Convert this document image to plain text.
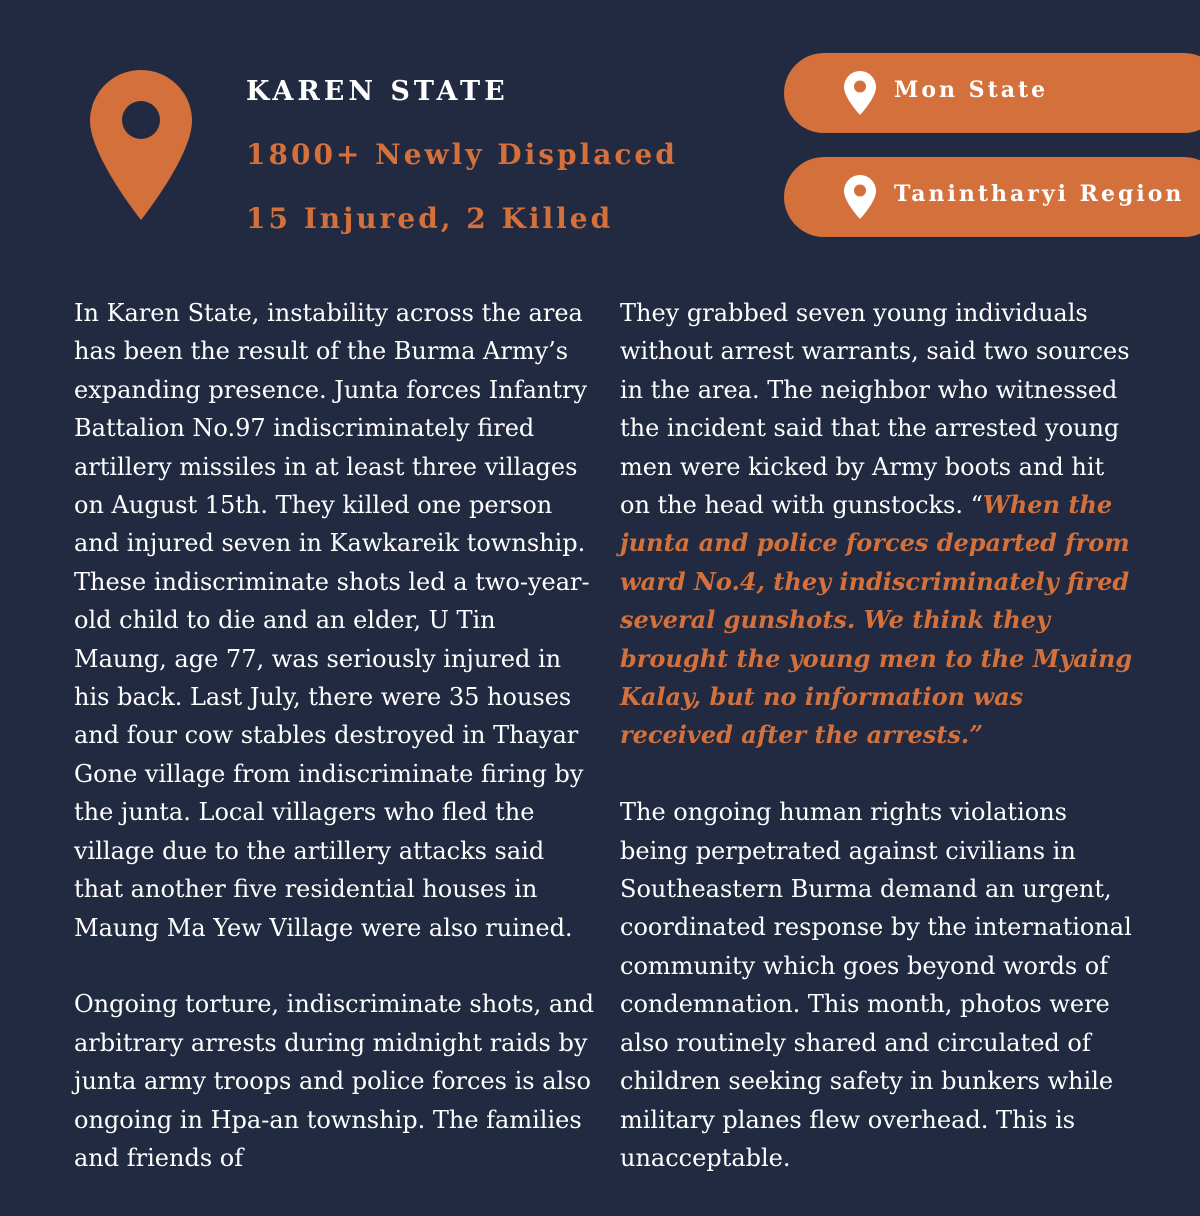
KAREN STATE
1800+ Newly Displaced
15 Injured, 2 Killed
Mon State
Tanintharyi Region

In Karen State, instability across the area has been the result of the Burma Army’s expanding presence. Junta forces Infantry Battalion No.97 indiscriminately fired artillery missiles in at least three villages on August 15th. They killed one person and injured seven in Kawkareik township. These indiscriminate shots led a two-year-old child to die and an elder, U Tin Maung, age 77, was seriously injured in his back. Last July, there were 35 houses and four cow stables destroyed in Thayar Gone village from indiscriminate firing by the junta. Local villagers who fled the village due to the artillery attacks said that another five residential houses in Maung Ma Yew Village were also ruined.

Ongoing torture, indiscriminate shots, and arbitrary arrests during midnight raids by junta army troops and police forces is also ongoing in Hpa-an township. The families and friends of

They grabbed seven young individuals without arrest warrants, said two sources in the area. The neighbor who witnessed the incident said that the arrested young men were kicked by Army boots and hit on the head with gunstocks. “When the junta and police forces departed from ward No.4, they indiscriminately fired several gunshots. We think they brought the young men to the Myaing Kalay, but no information was received after the arrests.”

The ongoing human rights violations being perpetrated against civilians in Southeastern Burma demand an urgent, coordinated response by the international community which goes beyond words of condemnation. This month, photos were also routinely shared and circulated of children seeking safety in bunkers while military planes flew overhead. This is unacceptable.
